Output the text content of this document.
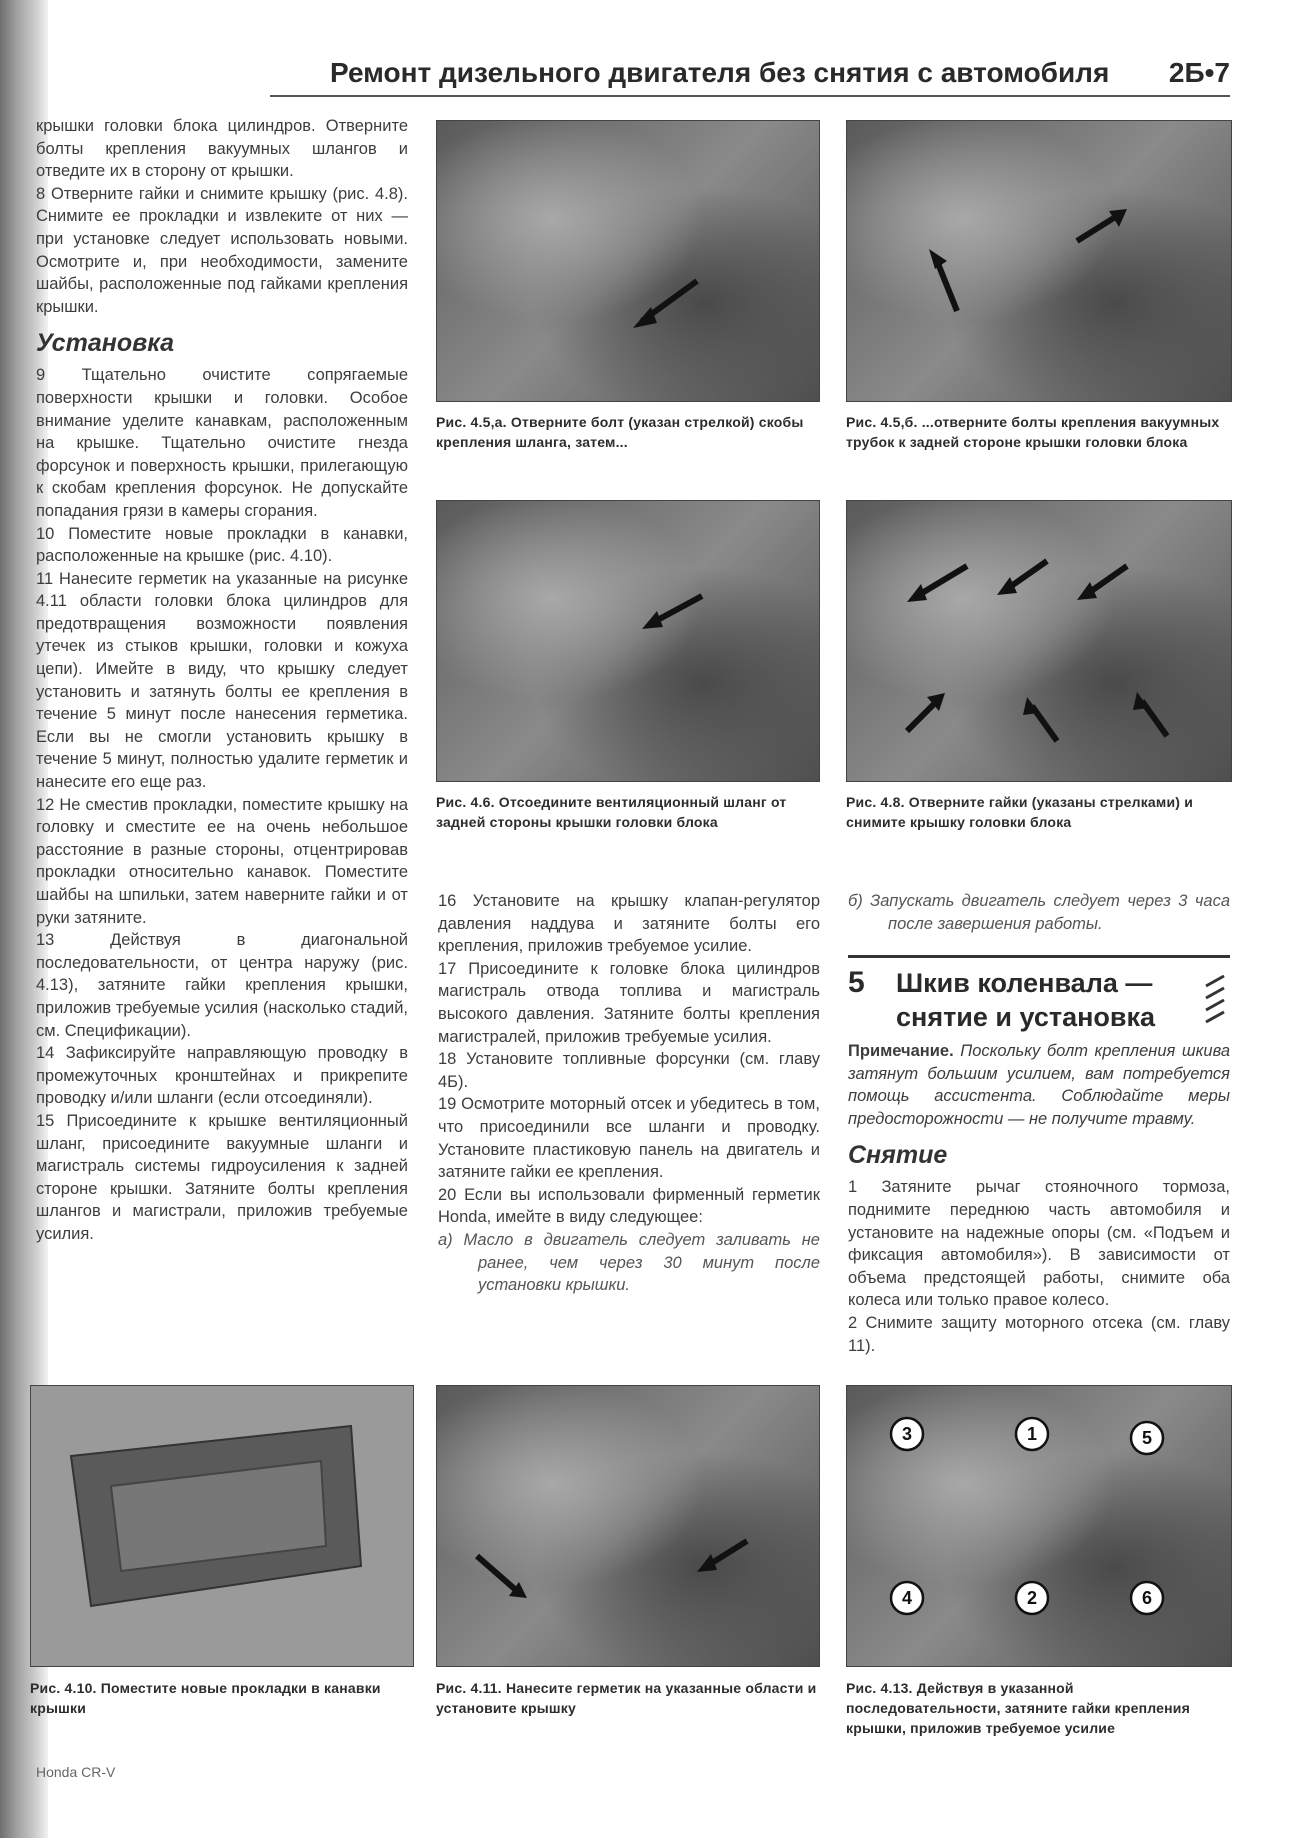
Ремонт дизельного двигателя без снятия с автомобиля 2Б•7

крышки головки блока цилиндров. Отверните болты крепления вакуумных шлангов и отведите их в сторону от крышки.

8 Отверните гайки и снимите крышку (рис. 4.8). Снимите ее прокладки и извлеките от них — при установке следует использовать новыми. Осмотрите и, при необходимости, замените шайбы, расположенные под гайками крепления крышки.

Установка

9 Тщательно очистите сопрягаемые поверхности крышки и головки. Особое внимание уделите канавкам, расположенным на крышке. Тщательно очистите гнезда форсунок и поверхность крышки, прилегающую к скобам крепления форсунок. Не допускайте попадания грязи в камеры сгорания.

10 Поместите новые прокладки в канавки, расположенные на крышке (рис. 4.10).

11 Нанесите герметик на указанные на рисунке 4.11 области головки блока цилиндров для предотвращения возможности появления утечек из стыков крышки, головки и кожуха цепи). Имейте в виду, что крышку следует установить и затянуть болты ее крепления в течение 5 минут после нанесения герметика. Если вы не смогли установить крышку в течение 5 минут, полностью удалите герметик и нанесите его еще раз.

12 Не сместив прокладки, поместите крышку на головку и сместите ее на очень небольшое расстояние в разные стороны, отцентрировав прокладки относительно канавок. Поместите шайбы на шпильки, затем наверните гайки и от руки затяните.

13 Действуя в диагональной последовательности, от центра наружу (рис. 4.13), затяните гайки крепления крышки, приложив требуемые усилия (насколько стадий, см. Спецификации).

14 Зафиксируйте направляющую проводку в промежуточных кронштейнах и прикрепите проводку и/или шланги (если отсоединяли).

15 Присоедините к крышке вентиляционный шланг, присоедините вакуумные шланги и магистраль системы гидроусиления к задней стороне крышки. Затяните болты крепления шлангов и магистрали, приложив требуемые усилия.

Рис. 4.5,а. Отверните болт (указан стрелкой) скобы крепления шланга, затем...
Рис. 4.5,б. ...отверните болты крепления вакуумных трубок к задней стороне крышки головки блока
Рис. 4.6. Отсоедините вентиляционный шланг от задней стороны крышки головки блока
Рис. 4.8. Отверните гайки (указаны стрелками) и снимите крышку головки блока

16 Установите на крышку клапан-регулятор давления наддува и затяните болты его крепления, приложив требуемое усилие.

17 Присоедините к головке блока цилиндров магистраль отвода топлива и магистраль высокого давления. Затяните болты крепления магистралей, приложив требуемые усилия.

18 Установите топливные форсунки (см. главу 4Б).

19 Осмотрите моторный отсек и убедитесь в том, что присоединили все шланги и проводку. Установите пластиковую панель на двигатель и затяните гайки ее крепления.

20 Если вы использовали фирменный герметик Honda, имейте в виду следующее:

а) Масло в двигатель следует заливать не ранее, чем через 30 минут после установки крышки.

б) Запускать двигатель следует через 3 часа после завершения работы.

5 Шкив коленвала —
снятие и установка

Примечание. Поскольку болт крепления шкива затянут большим усилием, вам потребуется помощь ассистента. Соблюдайте меры предосторожности — не получите травму.

Снятие

1 Затяните рычаг стояночного тормоза, поднимите переднюю часть автомобиля и установите на надежные опоры (см. «Подъем и фиксация автомобиля»). В зависимости от объема предстоящей работы, снимите оба колеса или только правое колесо.

2 Снимите защиту моторного отсека (см. главу 11).

Рис. 4.10. Поместите новые прокладки в канавки крышки
Рис. 4.11. Нанесите герметик на указанные области и установите крышку
3	1	5
4	2	6
Рис. 4.13. Действуя в указанной последовательности, затяните гайки крепления крышки, приложив требуемое усилие
Honda CR-V
